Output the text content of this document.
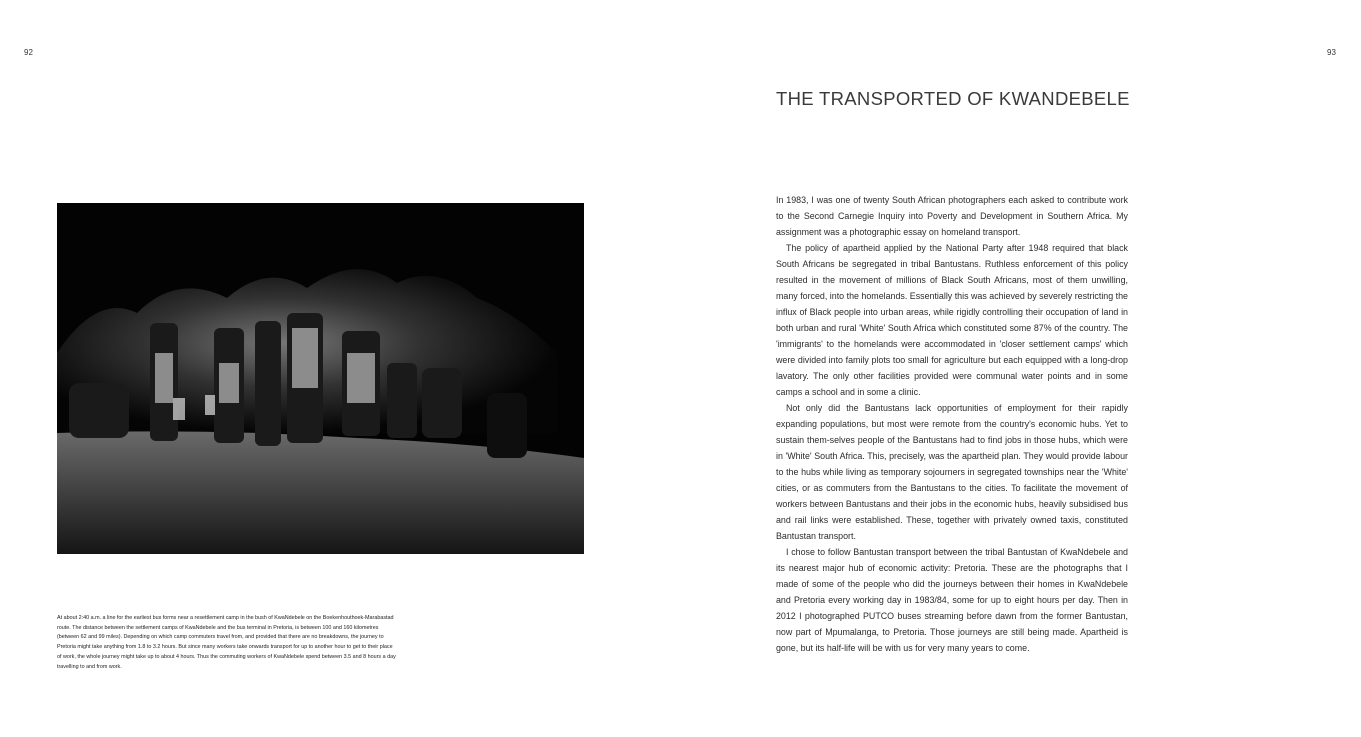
92	93
THE TRANSPORTED OF KWANDEBELE

At about 2:40 a.m. a line for the earliest bus forms near a resettlement camp in the bush of KwaNdebele on the Boekenhouthoek-Marabastad route. The distance between the settlement camps of KwaNdebele and the bus terminal in Pretoria, is between 100 and 160 kilometres (between 62 and 99 miles). Depending on which camp commuters travel from, and provided that there are no breakdowns, the journey to Pretoria might take anything from 1.8 to 3.2 hours. But since many workers take onwards transport for up to another hour to get to their place of work, the whole journey might take up to about 4 hours. Thus the commuting workers of KwaNdebele spend between 3.5 and 8 hours a day travelling to and from work.

In 1983, I was one of twenty South African photographers each asked to contribute work to the Second Carnegie Inquiry into Poverty and Development in Southern Africa. My assignment was a photographic essay on homeland transport.

The policy of apartheid applied by the National Party after 1948 required that black South Africans be segregated in tribal Bantustans. Ruthless enforcement of this policy resulted in the movement of millions of Black South Africans, most of them unwilling, many forced, into the homelands. Essentially this was achieved by severely restricting the influx of Black people into urban areas, while rigidly controlling their occupation of land in both urban and rural 'White' South Africa which constituted some 87% of the country. The 'immigrants' to the homelands were accommodated in 'closer settlement camps' which were divided into family plots too small for agriculture but each equipped with a long-drop lavatory. The only other facilities provided were communal water points and in some camps a school and in some a clinic.

Not only did the Bantustans lack opportunities of employment for their rapidly expanding populations, but most were remote from the country's economic hubs. Yet to sustain them-selves people of the Bantustans had to find jobs in those hubs, which were in 'White' South Africa. This, precisely, was the apartheid plan. They would provide labour to the hubs while living as temporary sojourners in segregated townships near the 'White' cities, or as commuters from the Bantustans to the cities. To facilitate the movement of workers between Bantustans and their jobs in the economic hubs, heavily subsidised bus and rail links were established. These, together with privately owned taxis, constituted Bantustan transport.

I chose to follow Bantustan transport between the tribal Bantustan of KwaNdebele and its nearest major hub of economic activity: Pretoria. These are the photographs that I made of some of the people who did the journeys between their homes in KwaNdebele and Pretoria every working day in 1983/84, some for up to eight hours per day. Then in 2012 I photographed PUTCO buses streaming before dawn from the former Bantustan, now part of Mpumalanga, to Pretoria. Those journeys are still being made. Apartheid is gone, but its half-life will be with us for very many years to come.
